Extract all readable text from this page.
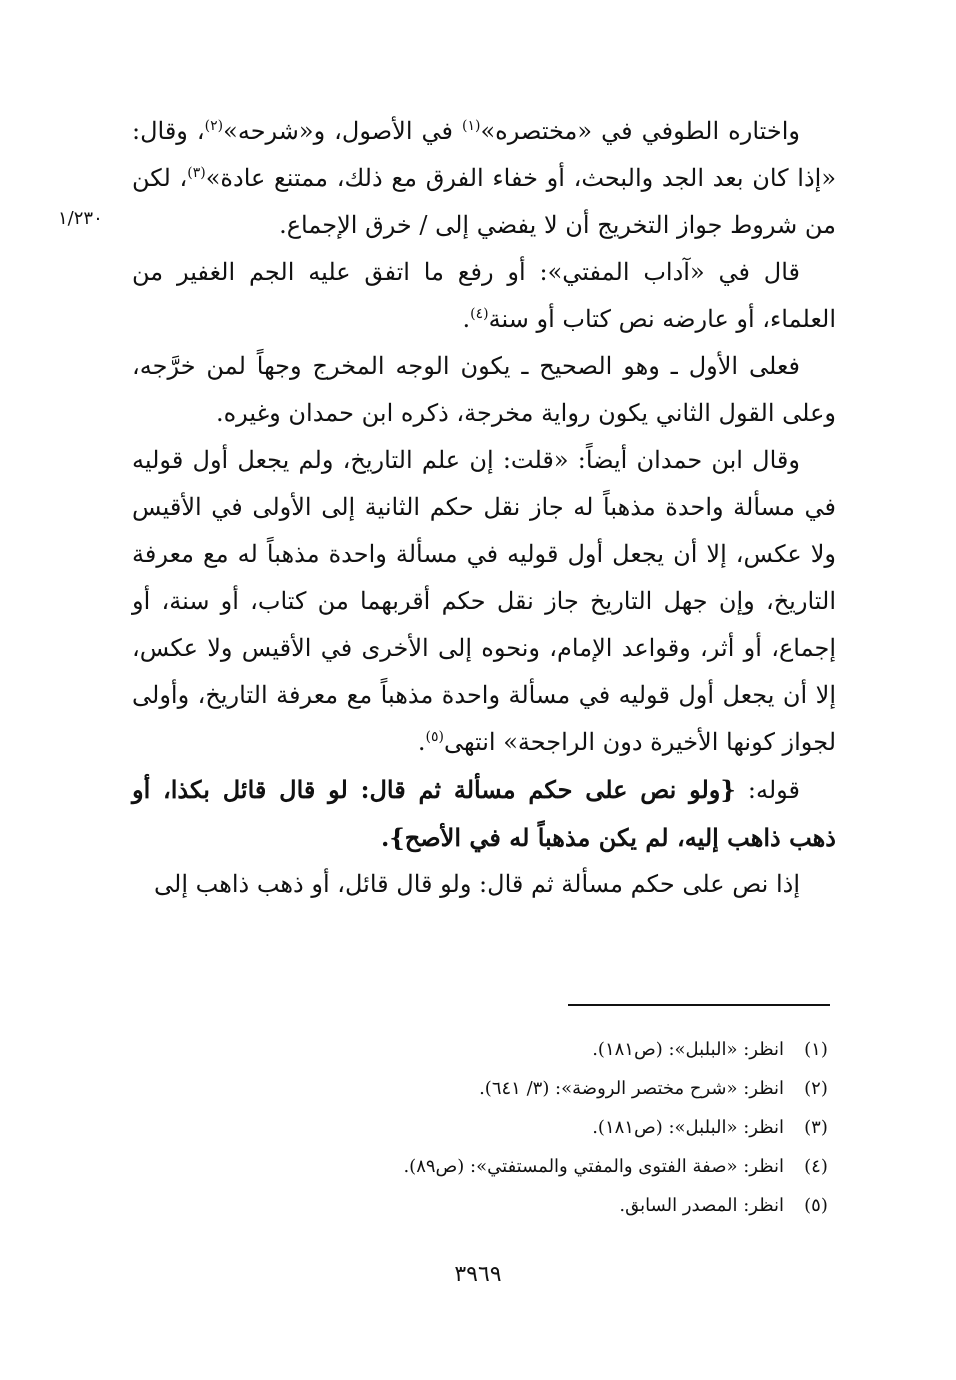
١/٢٣٠

واختاره الطوفي في «مختصره»$^{(١)}$ في الأصول، و«شرحه»$^{(٢)}$، وقال: «إذا كان بعد الجد والبحث، أو خفاء الفرق مع ذلك، ممتنع عادة»$^{(٣)}$، لكن من شروط جواز التخريج أن لا يفضي إلى / خرق الإجماع.

قال في «آداب المفتي»: أو رفع ما اتفق عليه الجم الغفير من العلماء، أو عارضه نص كتاب أو سنة$^{(٤)}$.

فعلى الأول ـ وهو الصحيح ـ يكون الوجه المخرج وجهاً لمن خرَّجه، وعلى القول الثاني يكون رواية مخرجة، ذكره ابن حمدان وغيره.

وقال ابن حمدان أيضاً: «قلت: إن علم التاريخ، ولم يجعل أول قوليه في مسألة واحدة مذهباً له جاز نقل حكم الثانية إلى الأولى في الأقيس ولا عكس، إلا أن يجعل أول قوليه في مسألة واحدة مذهباً له مع معرفة التاريخ، وإن جهل التاريخ جاز نقل حكم أقربهما من كتاب، أو سنة، أو إجماع، أو أثر، وقواعد الإمام، ونحوه إلى الأخرى في الأقيس ولا عكس، إلا أن يجعل أول قوليه في مسألة واحدة مذهباً مع معرفة التاريخ، وأولى لجواز كونها الأخيرة دون الراجحة» انتهى$^{(٥)}$.

قوله: {ولو نص على حكم مسألة ثم قال: لو قال قائل بكذا، أو ذهب ذاهب إليه، لم يكن مذهباً له في الأصح}.

إذا نص على حكم مسألة ثم قال: ولو قال قائل، أو ذهب ذاهب إلى

(١)
انظر: «البلبل»: (ص١٨١).
(٢)
انظر: «شرح مختصر الروضة»: (٣/ ٦٤١).
(٣)
انظر: «البلبل»: (ص١٨١).
(٤)
انظر: «صفة الفتوى والمفتي والمستفتي»: (ص٨٩).
(٥)
انظر: المصدر السابق.
٣٩٦٩
